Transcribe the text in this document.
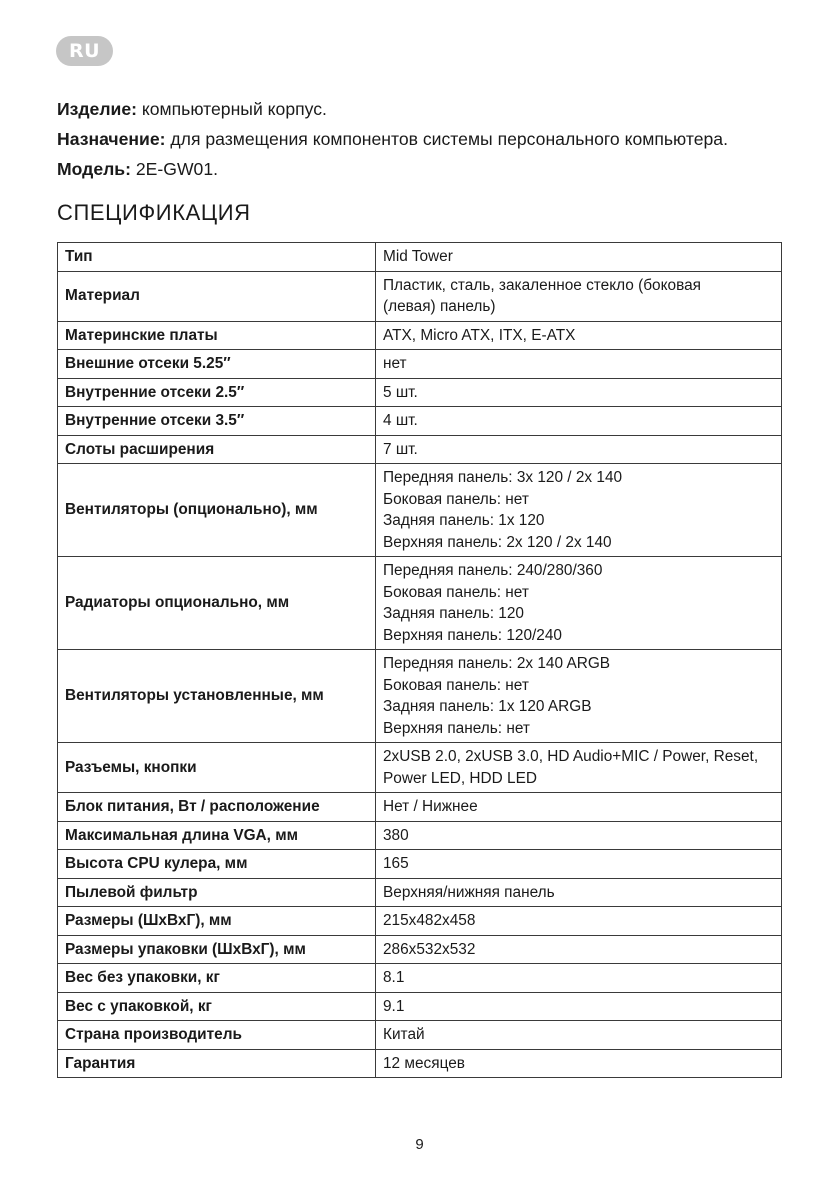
RU

Изделие: компьютерный корпус.

Назначение: для размещения компонентов системы персонального компьютера.

Модель: 2E-GW01.

СПЕЦИФИКАЦИЯ
Тип	Mid Tower
Материал	Пластик, сталь, закаленное стекло (боковая
(левая) панель)
Материнские платы	ATX, Micro ATX, ITX, E-ATX
Внешние отсеки 5.25″	нет
Внутренние отсеки 2.5″	5 шт.
Внутренние отсеки 3.5″	4 шт.
Слоты расширения	7 шт.
Вентиляторы (опционально), мм	Передняя панель: 3x 120 / 2x 140
Боковая панель: нет
Задняя панель: 1x 120
Верхняя панель: 2x 120 / 2x 140
Радиаторы опционально, мм	Передняя панель: 240/280/360
Боковая панель: нет
Задняя панель: 120
Верхняя панель: 120/240
Вентиляторы установленные, мм	Передняя панель: 2x 140 ARGB
Боковая панель: нет
Задняя панель: 1x 120 ARGB
Верхняя панель: нет
Разъемы, кнопки	2xUSB 2.0, 2xUSB 3.0, HD Audio+MIC / Power, Reset,
Power LED, HDD LED
Блок питания, Вт / расположение	Нет / Нижнее
Максимальная длина VGA, мм	380
Высота CPU кулера, мм	165
Пылевой фильтр	Верхняя/нижняя панель
Размеры (ШхВхГ), мм	215x482x458
Размеры упаковки (ШхВхГ), мм	286x532x532
Вес без упаковки, кг	8.1
Вес с упаковкой, кг	9.1
Страна производитель	Китай
Гарантия	12 месяцев
9
